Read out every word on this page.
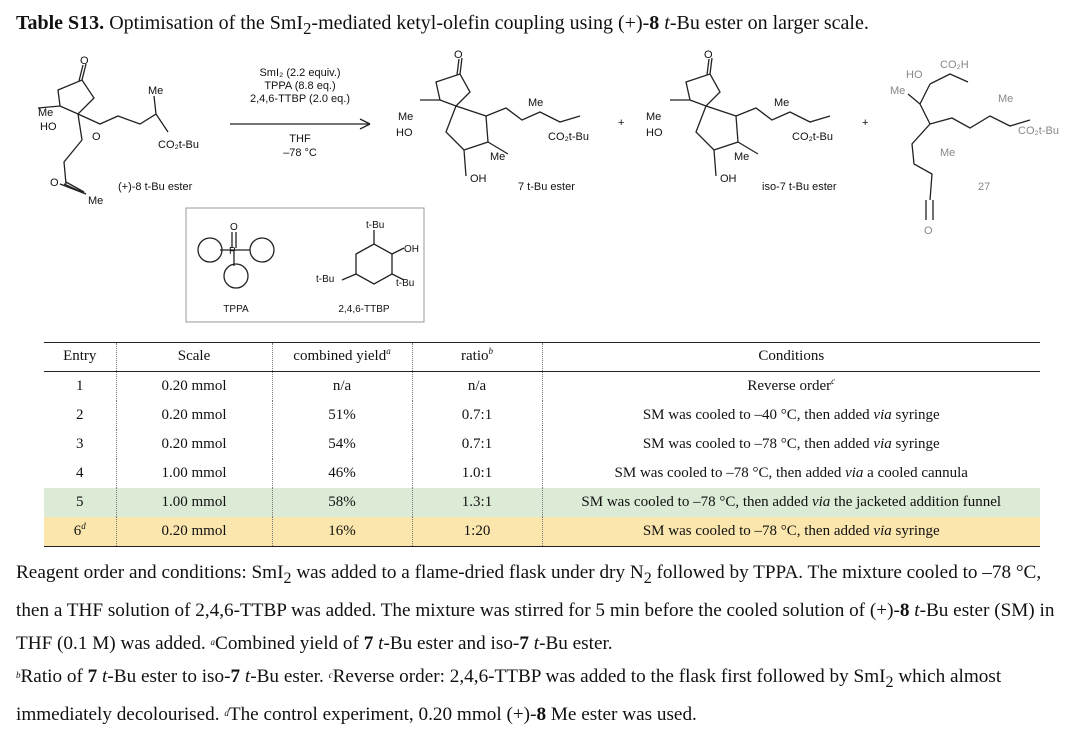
Table S13. Optimisation of the SmI$_2$-mediated ketyl-olefin coupling using (+)-8 t-Bu ester on larger scale.
Me
HO
O
O
Me
CO₂t-Bu
O
Me
(+)-8 t-Bu ester
SmI₂ (2.2 equiv.)
TPPA (8.8 eq.)
2,4,6-TTBP (2.0 eq.)
THF
–78 °C
Me
HO
O
Me
CO₂t-Bu
Me
OH
7 t-Bu ester
+ Me
HO
O
Me
CO₂t-Bu
Me
OH
iso-7 t-Bu ester
+
CO₂H
HO
Me
Me
CO₂t-Bu
Me
O
27
O
P
TPPA
t-Bu
OH
t-Bu
t-Bu
2,4,6-TTBP
Entry	Scale	combined yield$^a$	ratio$^b$	Conditions
1	0.20 mmol	n/a	n/a	Reverse order$^c$
2	0.20 mmol	51%	0.7:1	SM was cooled to –40 °C, then added via syringe
3	0.20 mmol	54%	0.7:1	SM was cooled to –78 °C, then added via syringe
4	1.00 mmol	46%	1.0:1	SM was cooled to –78 °C, then added via a cooled cannula
5	1.00 mmol	58%	1.3:1	SM was cooled to –78 °C, then added via the jacketed addition funnel
6$^d$	0.20 mmol	16%	1:20	SM was cooled to –78 °C, then added via syringe

Reagent order and conditions: SmI$_2$ was added to a flame-dried flask under dry $N_2$ followed by TPPA. The mixture cooled to –78 °C, then a THF solution of 2,4,6-TTBP was added. The mixture was stirred for 5 min before the cooled solution of (+)-8 t-Bu ester (SM) in THF (0.1 M) was added. $^a$Combined yield of 7 t-Bu ester and iso-7 t-Bu ester.
$^b$Ratio of 7 t-Bu ester to iso-7 t-Bu ester. $^c$Reverse order: 2,4,6-TTBP was added to the flask first followed by SmI$_2$ which almost immediately decolourised. $^d$The control experiment, 0.20 mmol (+)-8 Me ester was used.
